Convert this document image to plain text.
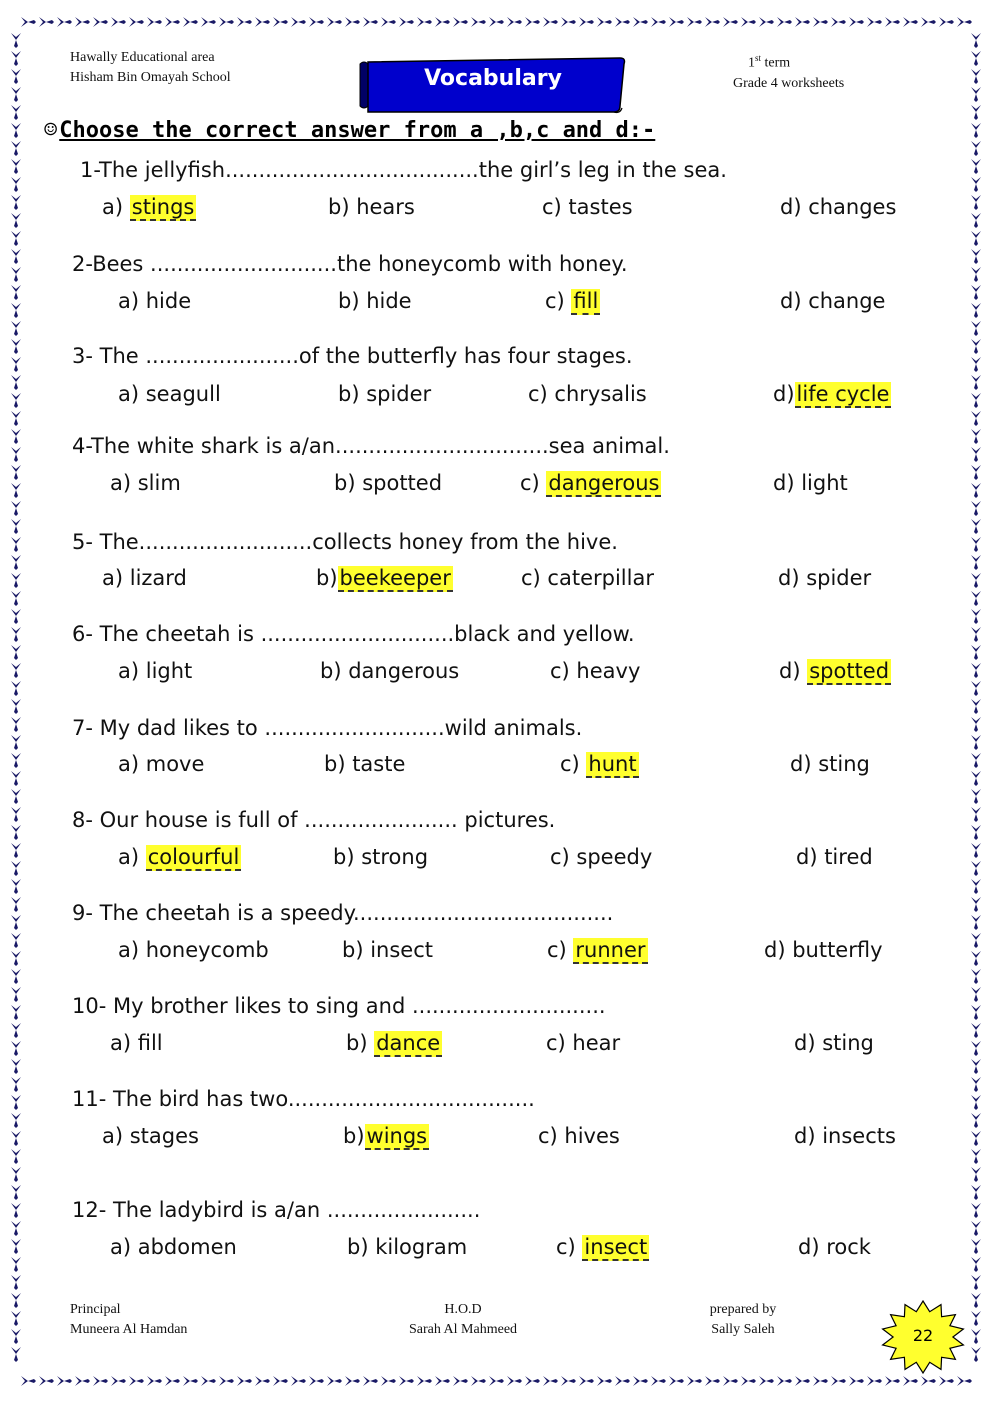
Hawally Educational area
Hisham Bin Omayah School
1st term
Grade 4 worksheets
Vocabulary
☺Choose the correct answer from a ,b,c and d:-
1-The jellyfish......................................the girl’s leg in the sea.
a) stings	b) hears	c) tastes	d) changes
2-Bees ............................the honeycomb with honey.
a) hide	b) hide	c) fill	d) change
3- The .......................of the butterfly has four stages.
a) seagull	b) spider	c) chrysalis	d)life cycle
4-The white shark is a/an................................sea animal.
a) slim	b) spotted	c) dangerous	d) light
5- The..........................collects honey from the hive.
a) lizard	b)beekeeper	c) caterpillar	d) spider
6- The cheetah is .............................black and yellow.
a) light	b) dangerous	c) heavy	d) spotted
7- My dad likes to ...........................wild animals.
a) move	b) taste	c) hunt	d) sting
8- Our house is full of ....................... pictures.
a) colourful	b) strong	c) speedy	d) tired
9- The cheetah is a speedy.......................................
a) honeycomb	b) insect	c) runner	d) butterfly
10- My brother likes to sing and .............................
a) fill	b) dance	c) hear	d) sting
11- The bird has two.....................................
a) stages	b)wings	c) hives	d) insects
12- The ladybird is a/an .......................
a) abdomen	b) kilogram	c) insect	d) rock
Principal
Muneera Al Hamdan
H.O.D
Sarah Al Mahmeed
prepared by
Sally Saleh	22
